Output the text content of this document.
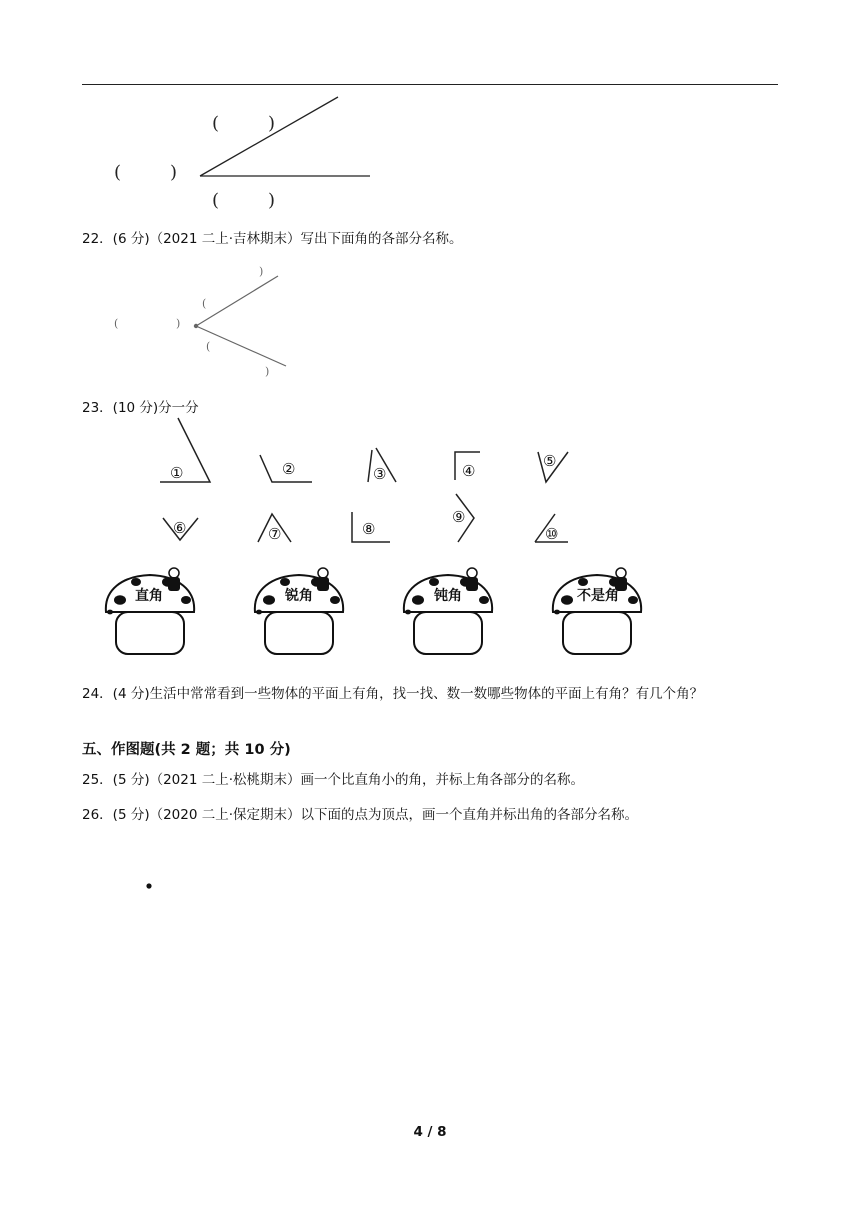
(	)
(	)
(	)
22．(6 分)（2021 二上·吉林期末）写出下面角的各部分名称。
)
(
(	)
(
)
23．(10 分)分一分
①	②	③	④
⑤
⑥	⑦	⑧
⑨
⑩
直角	锐角	钝角	不是角
24．(4 分)生活中常常看到一些物体的平面上有角，找一找、数一数哪些物体的平面上有角？有几个角？
五、作图题(共 2 题；共 10 分)
25．(5 分)（2021 二上·松桃期末）画一个比直角小的角，并标上角各部分的名称。
26．(5 分)（2020 二上·保定期末）以下面的点为顶点，画一个直角并标出角的各部分名称。
4 / 8
